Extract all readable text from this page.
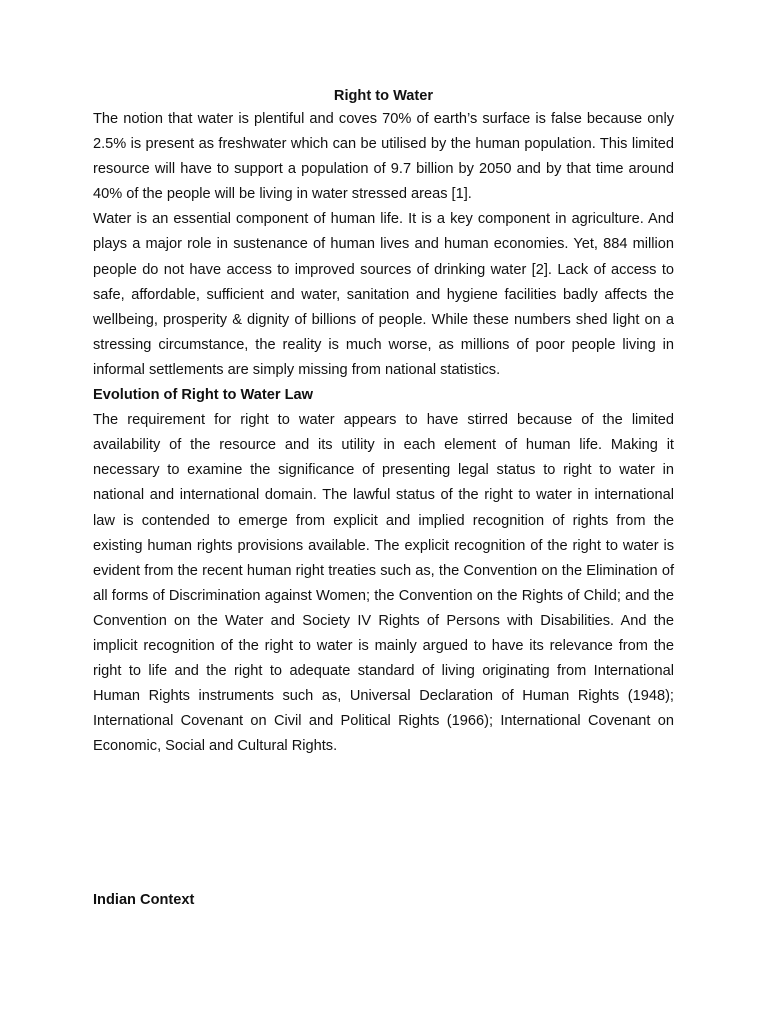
Right to Water

The notion that water is plentiful and coves 70% of earth’s surface is false because only 2.5% is present as freshwater which can be utilised by the human population. This limited resource will have to support a population of 9.7 billion by 2050 and by that time around 40% of the people will be living in water stressed areas [1].

Water is an essential component of human life. It is a key component in agriculture. And plays a major role in sustenance of human lives and human economies. Yet, 884 million people do not have access to improved sources of drinking water [2]. Lack of access to safe, affordable, sufficient and water, sanitation and hygiene facilities badly affects the wellbeing, prosperity & dignity of billions of people. While these numbers shed light on a stressing circumstance, the reality is much worse, as millions of poor people living in informal settlements are simply missing from national statistics.

Evolution of Right to Water Law

The requirement for right to water appears to have stirred because of the limited availability of the resource and its utility in each element of human life. Making it necessary to examine the significance of presenting legal status to right to water in national and international domain. The lawful status of the right to water in international law is contended to emerge from explicit and implied recognition of rights from the existing human rights provisions available. The explicit recognition of the right to water is evident from the recent human right treaties such as, the Convention on the Elimination of all forms of Discrimination against Women; the Convention on the Rights of Child; and the Convention on the Water and Society IV Rights of Persons with Disabilities. And the implicit recognition of the right to water is mainly argued to have its relevance from the right to life and the right to adequate standard of living originating from International Human Rights instruments such as, Universal Declaration of Human Rights (1948); International Covenant on Civil and Political Rights (1966); International Covenant on Economic, Social and Cultural Rights.

Indian Context
